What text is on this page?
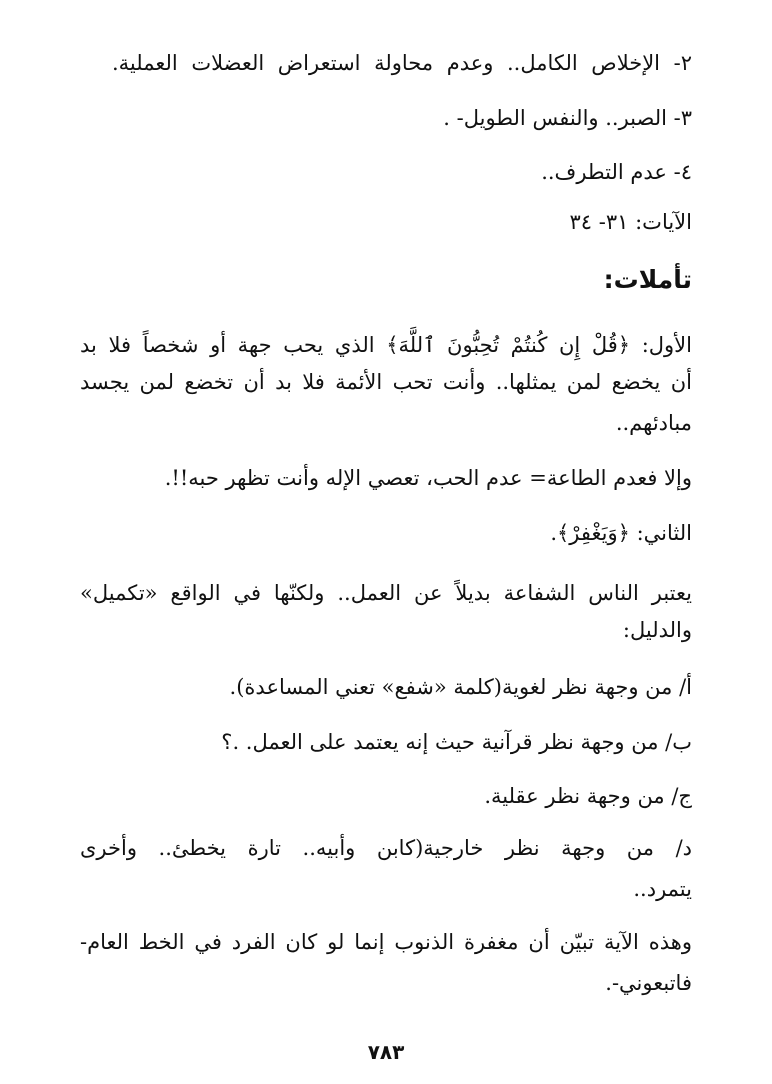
٢- الإخلاص الكامل.. وعدم محاولة استعراض العضلات العملية.
٣- الصبر.. والنفس الطويل- .
٤- عدم التطرف..
الآيات: ٣١- ٣٤
تأملات:
الأول: ﴿قُلْ إِن كُنتُمْ تُحِبُّونَ ٱللَّهَ﴾ الذي يحب جهة أو شخصاً فلا بد
أن يخضع لمن يمثلها.. وأنت تحب الأئمة فلا بد أن تخضع لمن يجسد
مبادئهم..
وإلا فعدم الطاعة= عدم الحب، تعصي الإله وأنت تظهر حبه!!.
الثاني: ﴿وَيَغْفِرْ﴾.
يعتبر الناس الشفاعة بديلاً عن العمل.. ولكنّها في الواقع «تكميل»
والدليل:
أ/ من وجهة نظر لغوية(كلمة «شفع» تعني المساعدة).
ب/ من وجهة نظر قرآنية حيث إنه يعتمد على العمل. .؟
ج/ من وجهة نظر عقلية.
د/ من وجهة نظر خارجية(كابن وأبيه.. تارة يخطئ.. وأخرى
يتمرد..
وهذه الآية تبيّن أن مغفرة الذنوب إنما لو كان الفرد في الخط العام-
فاتبعوني-.
٧٨٣
